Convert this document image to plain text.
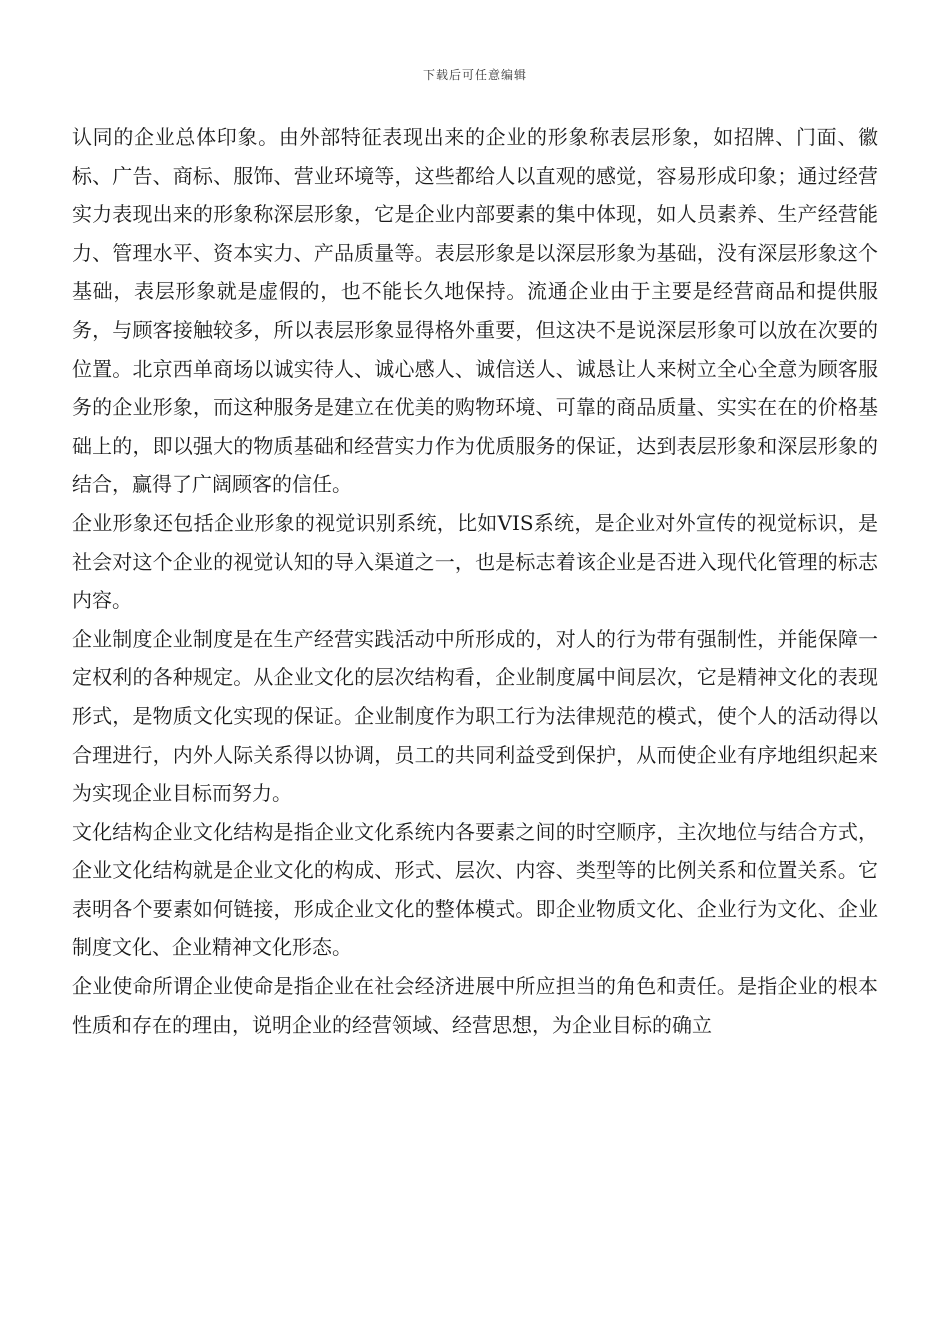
下载后可任意编辑

认同的企业总体印象。由外部特征表现出来的企业的形象称表层形象，如招牌、门面、徽标、广告、商标、服饰、营业环境等，这些都给人以直观的感觉，容易形成印象；通过经营实力表现出来的形象称深层形象，它是企业内部要素的集中体现，如人员素养、生产经营能力、管理水平、资本实力、产品质量等。表层形象是以深层形象为基础，没有深层形象这个基础，表层形象就是虚假的，也不能长久地保持。流通企业由于主要是经营商品和提供服务，与顾客接触较多，所以表层形象显得格外重要，但这决不是说深层形象可以放在次要的位置。北京西单商场以诚实待人、诚心感人、诚信送人、诚恳让人来树立全心全意为顾客服务的企业形象，而这种服务是建立在优美的购物环境、可靠的商品质量、实实在在的价格基础上的，即以强大的物质基础和经营实力作为优质服务的保证，达到表层形象和深层形象的结合，赢得了广阔顾客的信任。

企业形象还包括企业形象的视觉识别系统，比如VIS系统，是企业对外宣传的视觉标识，是社会对这个企业的视觉认知的导入渠道之一，也是标志着该企业是否进入现代化管理的标志内容。

企业制度企业制度是在生产经营实践活动中所形成的，对人的行为带有强制性，并能保障一定权利的各种规定。从企业文化的层次结构看，企业制度属中间层次，它是精神文化的表现形式，是物质文化实现的保证。企业制度作为职工行为法律规范的模式，使个人的活动得以合理进行，内外人际关系得以协调，员工的共同利益受到保护，从而使企业有序地组织起来为实现企业目标而努力。

文化结构企业文化结构是指企业文化系统内各要素之间的时空顺序，主次地位与结合方式，企业文化结构就是企业文化的构成、形式、层次、内容、类型等的比例关系和位置关系。它表明各个要素如何链接，形成企业文化的整体模式。即企业物质文化、企业行为文化、企业制度文化、企业精神文化形态。

企业使命所谓企业使命是指企业在社会经济进展中所应担当的角色和责任。是指企业的根本性质和存在的理由，说明企业的经营领域、经营思想，为企业目标的确立
